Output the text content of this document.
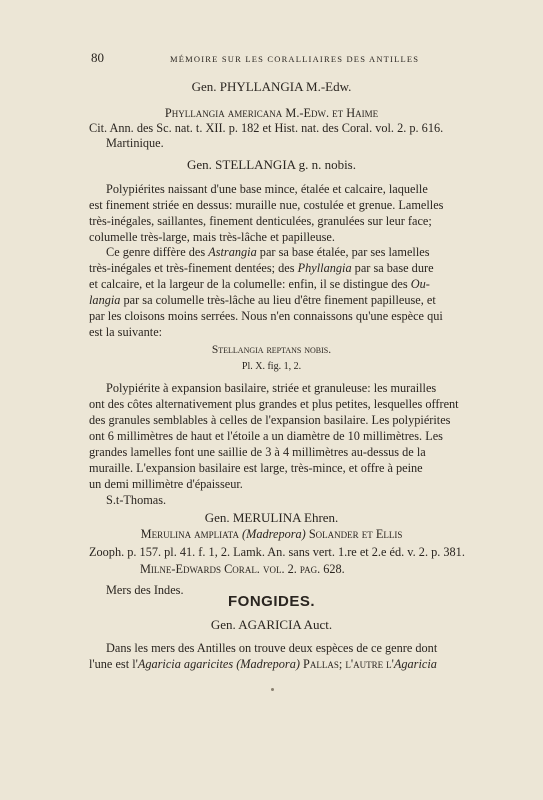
80	MÉMOIRE SUR LES CORALLIAIRES DES ANTILLES
Gen. PHYLLANGIA M.-Edw.
Phyllangia americana M.-Edw. et Haime
Cit. Ann. des Sc. nat. t. XII. p. 182 et Hist. nat. des Coral. vol. 2. p. 616.
Martinique.
Gen. STELLANGIA g. n. nobis.
Polypiérites naissant d'une base mince, étalée et calcaire, laquelle
est finement striée en dessus: muraille nue, costulée et grenue. Lamelles
très-inégales, saillantes, finement denticulées, granulées sur leur face;
columelle très-large, mais très-lâche et papilleuse.
Ce genre diffère des Astrangia par sa base étalée, par ses lamelles
très-inégales et très-finement dentées; des Phyllangia par sa base dure
et calcaire, et la largeur de la columelle: enfin, il se distingue des Ou-
langia par sa columelle très-lâche au lieu d'être finement papilleuse, et
par les cloisons moins serrées. Nous n'en connaissons qu'une espèce qui
est la suivante:
Stellangia reptans nobis.
Pl. X. fig. 1, 2.
Polypiérite à expansion basilaire, striée et granuleuse: les murailles
ont des côtes alternativement plus grandes et plus petites, lesquelles offrent
des granules semblables à celles de l'expansion basilaire. Les polypiérites
ont 6 millimètres de haut et l'étoile a un diamètre de 10 millimètres. Les
grandes lamelles font une saillie de 3 à 4 millimètres au-dessus de la
muraille. L'expansion basilaire est large, très-mince, et offre à peine
un demi millimètre d'épaisseur.
S.t-Thomas.
Gen. MERULINA Ehren.
Merulina ampliata (Madrepora) Solander et Ellis
Zooph. p. 157. pl. 41. f. 1, 2. Lamk. An. sans vert. 1.re et 2.e éd. v. 2. p. 381.
Milne-Edwards Coral. vol. 2. pag. 628.
Mers des Indes.
FONGIDES.
Gen. AGARICIA Auct.
Dans les mers des Antilles on trouve deux espèces de ce genre dont
l'une est l'Agaricia agaricites (Madrepora) Pallas; l'autre l'Agaricia
